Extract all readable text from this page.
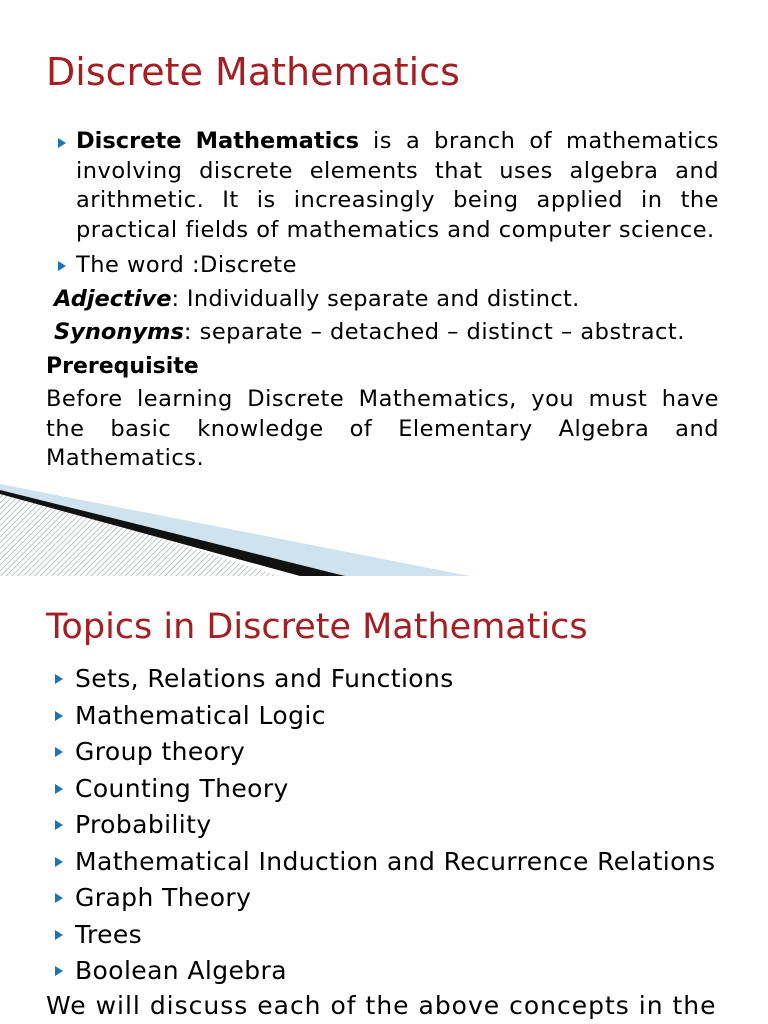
Discrete Mathematics

Discrete Mathematics is a branch of mathematics involving discrete elements that uses algebra and arithmetic. It is increasingly being applied in the practical fields of mathematics and computer science.

The word :Discrete

Adjective: Individually separate and distinct.

Synonyms: separate – detached – distinct – abstract.

Prerequisite

Before learning Discrete Mathematics, you must have the basic knowledge of Elementary Algebra and Mathematics.

Topics in Discrete Mathematics
Sets, Relations and Functions
Mathematical Logic
Group theory
Counting Theory
Probability
Mathematical Induction and Recurrence Relations
Graph Theory
Trees
Boolean Algebra

We will discuss each of the above concepts in the
